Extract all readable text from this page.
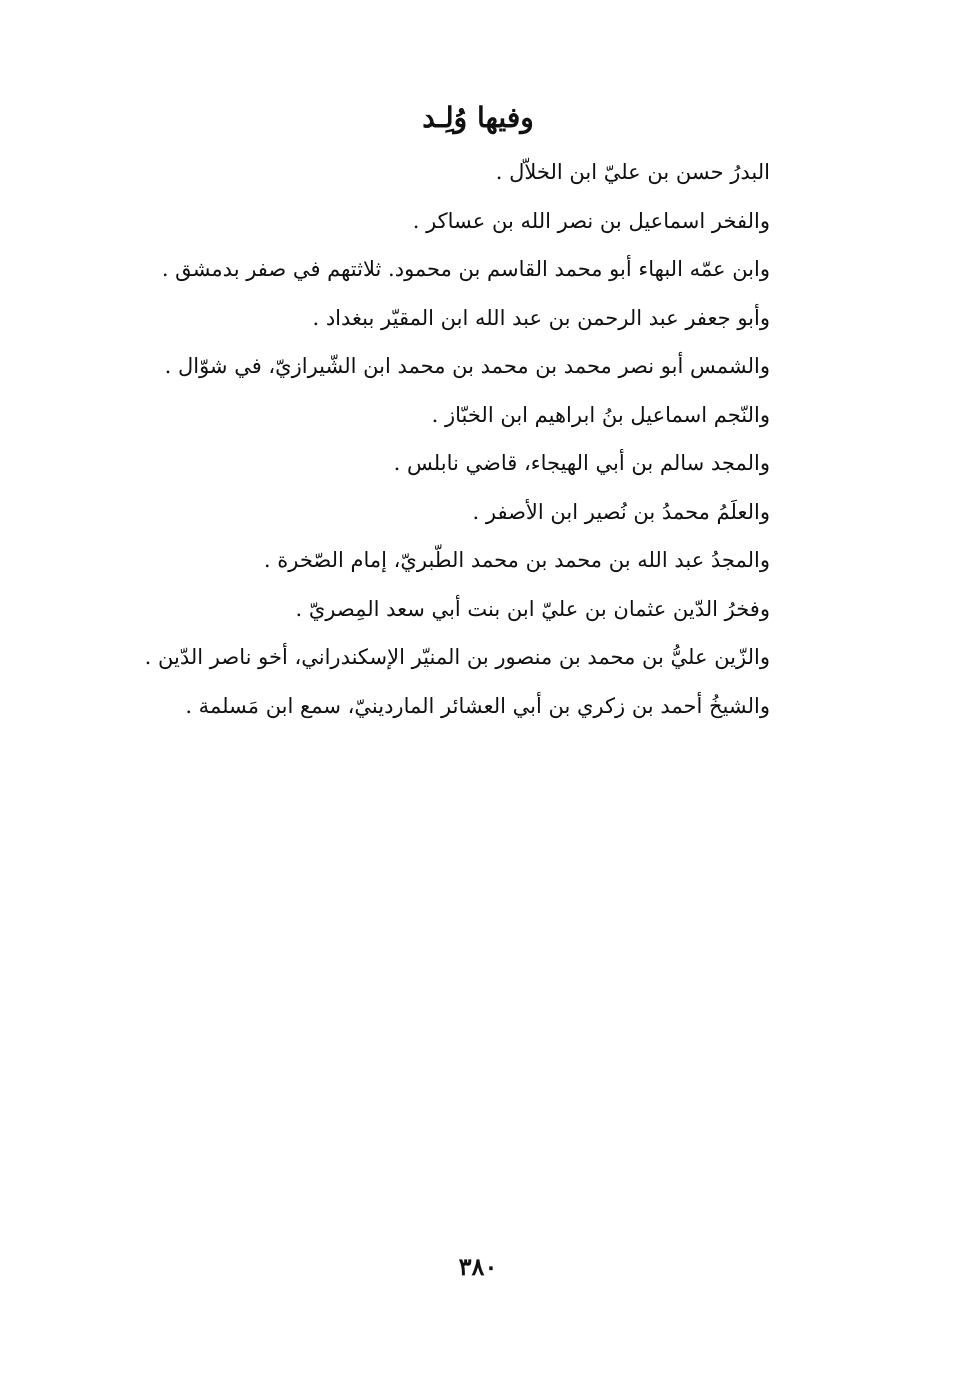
وفيها وُلِـد
البدرُ حسن بن عليّ ابن الخلاّل .
والفخر اسماعيل بن نصر الله بن عساكر .
وابن عمّه البهاء أبو محمد القاسم بن محمود. ثلاثتهم في صفر بدمشق .
وأبو جعفر عبد الرحمن بن عبد الله ابن المقيّر ببغداد .
والشمس أبو نصر محمد بن محمد بن محمد ابن الشّيرازيّ، في شوّال .
والنّجم اسماعيل بنُ ابراهيم ابن الخبّاز .
والمجد سالم بن أبي الهيجاء، قاضي نابلس .
والعلَمُ محمدُ بن نُصير ابن الأصفر .
والمجدُ عبد الله بن محمد بن محمد الطّبريّ، إمام الصّخرة .
وفخرُ الدّين عثمان بن عليّ ابن بنت أبي سعد المِصريّ .
والزّين عليُّ بن محمد بن منصور بن المنيّر الإسكندراني، أخو ناصر الدّين .
والشيخُ أحمد بن زكري بن أبي العشائر الماردينيّ، سمع ابن مَسلمة .
٣٨٠
